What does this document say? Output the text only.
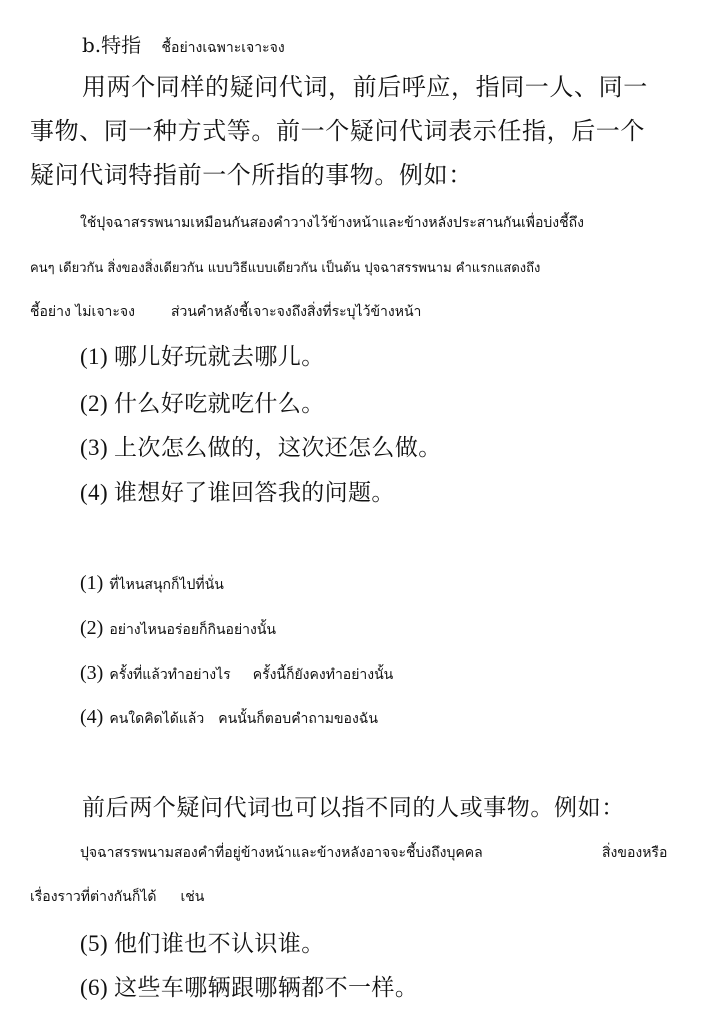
b.特指 ชื้อย่างเฉพาะเจาะจง

用两个同样的疑问代词，前后呼应，指同一人、同一

事物、同一种方式等。前一个疑问代词表示任指，后一个

疑问代词特指前一个所指的事物。例如：

ใช้ปุจฉาสรรพนามเหมือนกันสองคำวางไว้ข้างหน้าและข้างหลังประสานกันเพื่อบ่งชี้ถึง

คนๆ เดียวกัน สิ่งของสิ่งเดียวกัน แบบวิธีแบบเดียวกัน เป็นต้น ปุจฉาสรรพนาม คำแรกแสดงถึง

ชี้อย่าง ไม่เจาะจง	ส่วนคำหลังชี้เจาะจงถึงสิ่งที่ระบุไว้ข้างหน้า

(1) 哪儿好玩就去哪儿。
(2) 什么好吃就吃什么。
(3) 上次怎么做的，这次还怎么做。
(4) 谁想好了谁回答我的问题。
(1) ที่ไหนสนุกก็ไปที่นั่น
(2) อย่างไหนอร่อยก็กินอย่างนั้น
(3) ครั้งที่แล้วทำอย่างไร ครั้งนี้ก็ยังคงทำอย่างนั้น
(4) คนใดคิดได้แล้ว คนนั้นก็ตอบคำถามของฉัน

前后两个疑问代词也可以指不同的人或事物。例如：

ปุจฉาสรรพนามสองคำที่อยู่ข้างหน้าและข้างหลังอาจจะชี้บ่งถึงบุคคล	สิ่งของหรือ

เรื่องราวที่ต่างกันก็ได้ เช่น

(5) 他们谁也不认识谁。
(6) 这些车哪辆跟哪辆都不一样。
